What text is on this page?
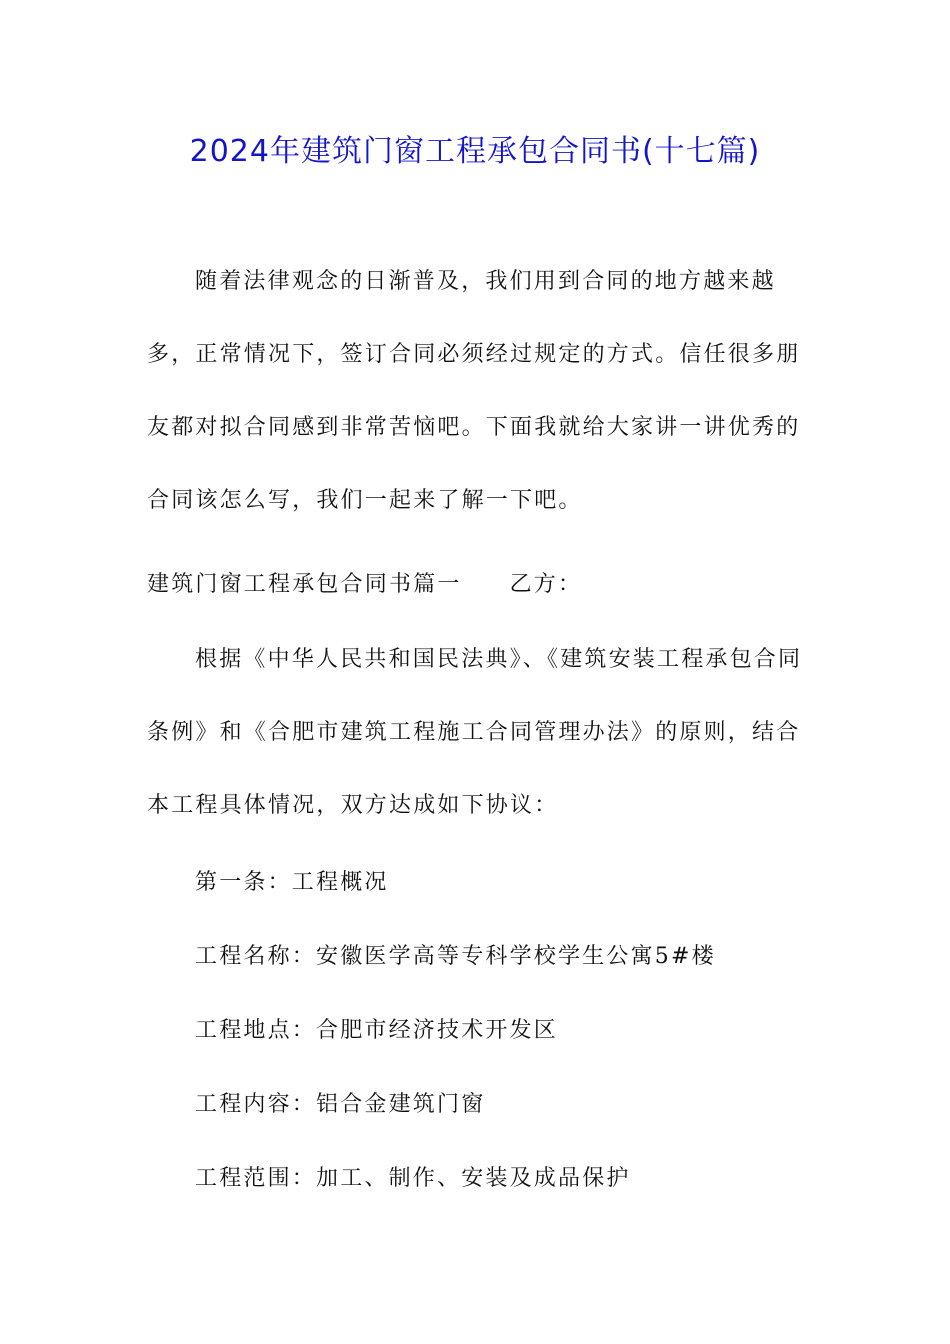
2024年建筑门窗工程承包合同书(十七篇)
随着法律观念的日渐普及，我们用到合同的地方越来越多，正常情况下，签订合同必须经过规定的方式。信任很多朋友都对拟合同感到非常苦恼吧。下面我就给大家讲一讲优秀的合同该怎么写，我们一起来了解一下吧。
建筑门窗工程承包合同书篇一 乙方：
根据《中华人民共和国民法典》、《建筑安装工程承包合同条例》和《合肥市建筑工程施工合同管理办法》的原则，结合本工程具体情况，双方达成如下协议：
第一条：工程概况
工程名称：安徽医学高等专科学校学生公寓5#楼
工程地点：合肥市经济技术开发区
工程内容：铝合金建筑门窗
工程范围：加工、制作、安装及成品保护
